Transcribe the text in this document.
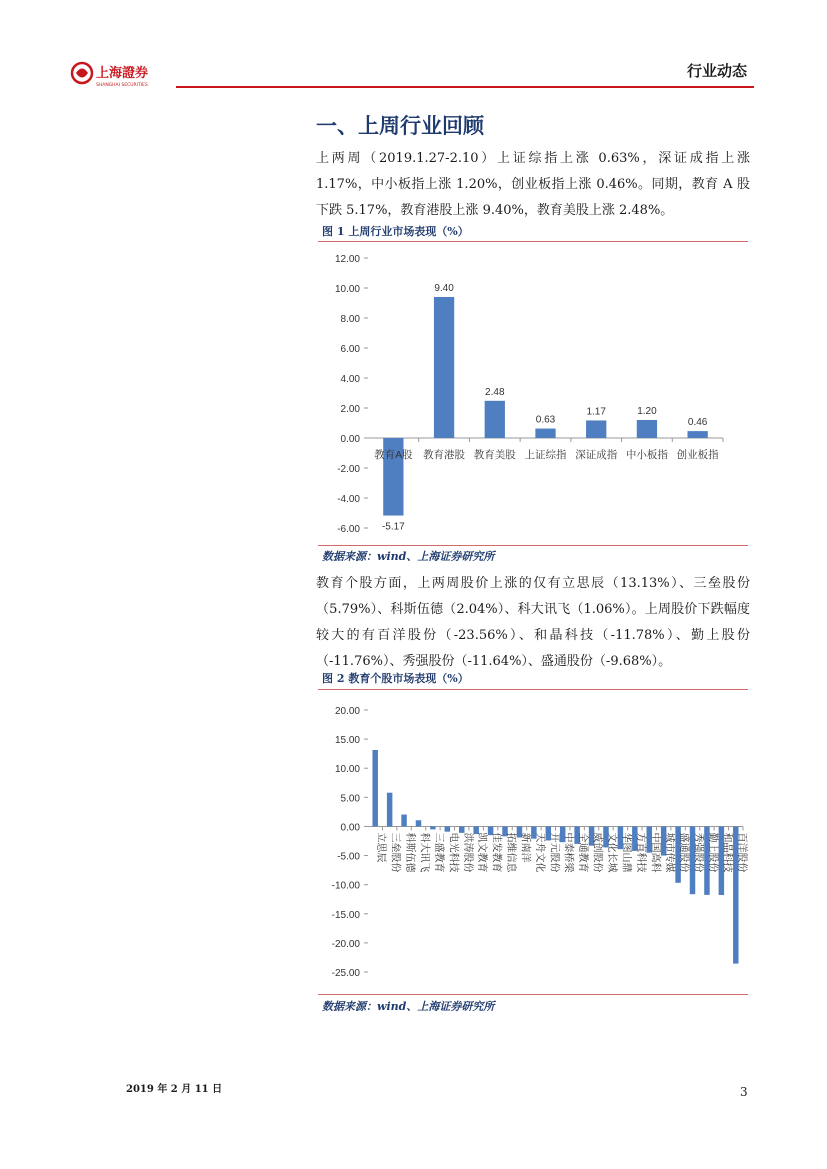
上海證券
SHANGHAI SECURITIES
行业动态
一、上周行业回顾
上两周（2019.1.27-2.10）上证综指上涨 0.63%，深证成指上涨 1.17%，中小板指上涨 1.20%，创业板指上涨 0.46%。同期，教育 A 股下跌 5.17%，教育港股上涨 9.40%，教育美股上涨 2.48%。
图 1 上周行业市场表现（%）
12.00
10.00
8.00
6.00
4.00
2.00
0.00
-2.00
-4.00
-6.00 -5.17
教育A股
9.40
教育港股
2.48
教育美股
0.63
上证综指
1.17
深证成指
1.20
中小板指
0.46
创业板指
数据来源：wind、上海证券研究所
教育个股方面，上两周股价上涨的仅有立思辰（13.13%）、三垒股份（5.79%）、科斯伍德（2.04%）、科大讯飞（1.06%）。上周股价下跌幅度较大的有百洋股份（-23.56%）、和晶科技（-11.78%）、勤上股份（-11.76%）、秀强股份（-11.64%）、盛通股份（-9.68%）。
图 2 教育个股市场表现（%）
20.00
15.00
10.00
5.00
0.00
-5.00
-10.00
-15.00
-20.00
-25.00
立思辰 三垒股份 科斯伍德 科大讯飞 三盛教育 电光科技 洪涛股份 凯文教育 佳发教育 拓维信息 新南洋 天舟文化 开元股份 中泰桥梁 全通教育 威创股份 文化长城 华图山鼎 方直科技 中国高科 城市传媒 盛通股份 秀强股份 勤上股份 和晶科技 百洋股份
数据来源：wind、上海证券研究所
2019 年 2 月 11 日	3
